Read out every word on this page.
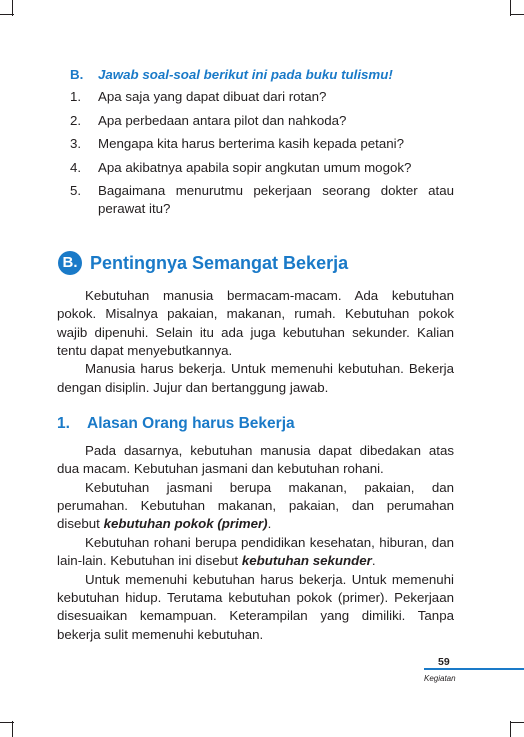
B.	Jawab soal-soal berikut ini pada buku tulismu!
1.	Apa saja yang dapat dibuat dari rotan?
2.	Apa perbedaan antara pilot dan nahkoda?
3.	Mengapa kita harus berterima kasih kepada petani?
4.	Apa akibatnya apabila sopir angkutan umum mogok?
5.	Bagaimana menurutmu pekerjaan seorang dokter atau perawat itu?
B. Pentingnya Semangat Bekerja

Kebutuhan manusia bermacam-macam. Ada kebutuhan pokok. Misalnya pakaian, makanan, rumah. Kebutuhan pokok wajib dipenuhi. Selain itu ada juga kebutuhan sekunder. Kalian tentu dapat menyebutkannya.

Manusia harus bekerja. Untuk memenuhi kebutuhan. Bekerja dengan disiplin. Jujur dan bertanggung jawab.

1.	Alasan Orang harus Bekerja

Pada dasarnya, kebutuhan manusia dapat dibedakan atas dua macam. Kebutuhan jasmani dan kebutuhan rohani.

Kebutuhan jasmani berupa makanan, pakaian, dan perumahan. Kebutuhan makanan, pakaian, dan perumahan disebut kebutuhan pokok (primer).

Kebutuhan rohani berupa pendidikan kesehatan, hiburan, dan lain-lain. Kebutuhan ini disebut kebutuhan sekunder.

Untuk memenuhi kebutuhan harus bekerja. Untuk memenuhi kebutuhan hidup. Terutama kebutuhan pokok (primer). Pekerjaan disesuaikan kemampuan. Keterampilan yang dimiliki. Tanpa bekerja sulit memenuhi kebutuhan.

59
Kegiatan
